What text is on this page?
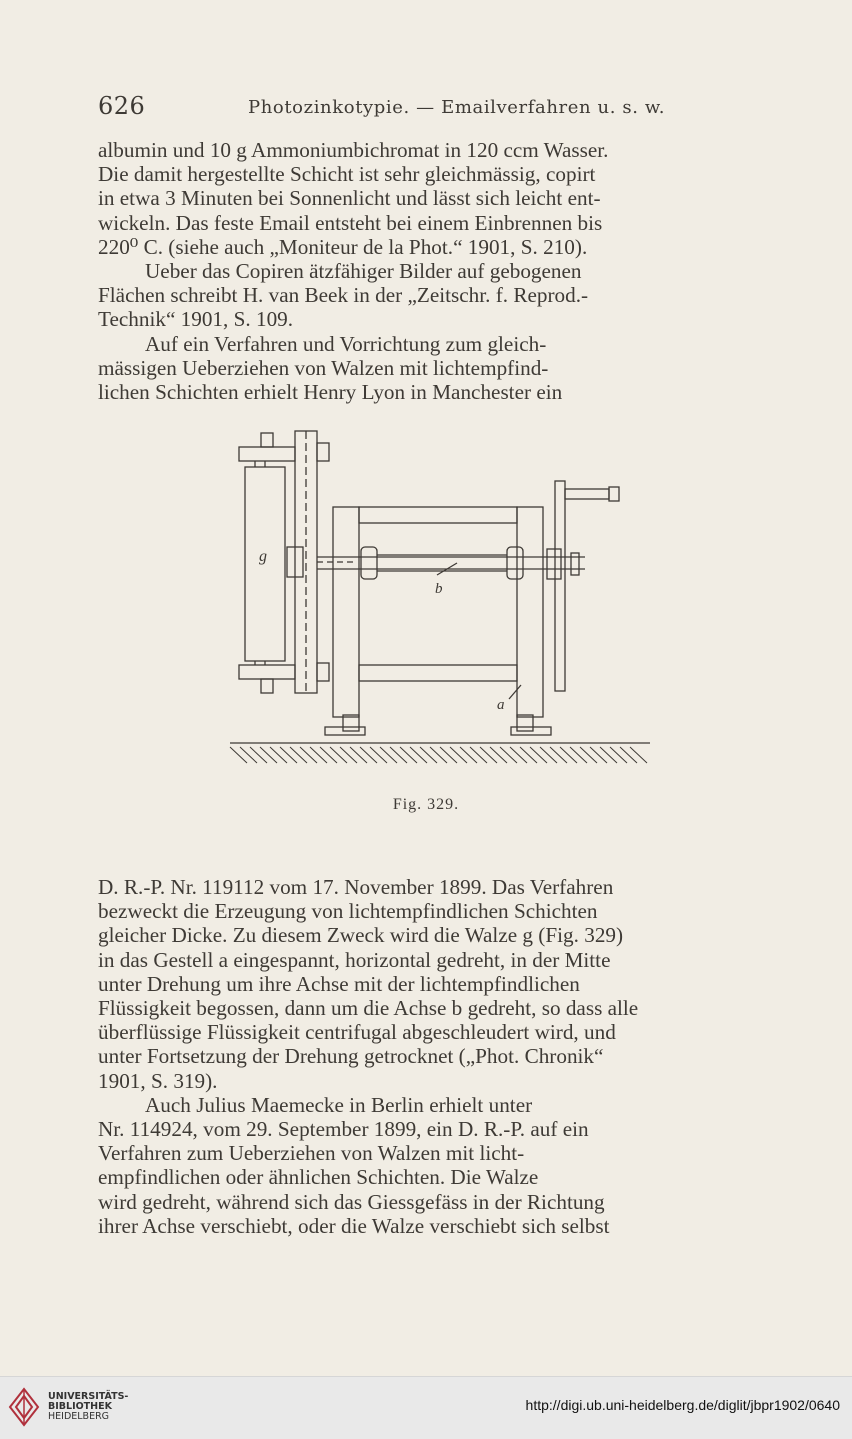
626	Photozinkotypie. — Emailverfahren u. s. w.
albumin und 10 g Ammoniumbichromat in 120 ccm Wasser.
Die damit hergestellte Schicht ist sehr gleichmässig, copirt
in etwa 3 Minuten bei Sonnenlicht und lässt sich leicht ent-
wickeln. Das feste Email entsteht bei einem Einbrennen bis
220⁰ C. (siehe auch „Moniteur de la Phot.“ 1901, S. 210).
Ueber das Copiren ätzfähiger Bilder auf gebogenen
Flächen schreibt H. van Beek in der „Zeitschr. f. Reprod.-
Technik“ 1901, S. 109.
Auf ein Verfahren und Vorrichtung zum gleich-
mässigen Ueberziehen von Walzen mit lichtempfind-
lichen Schichten erhielt Henry Lyon in Manchester ein
g
b
a
Fig. 329.
D. R.-P. Nr. 119112 vom 17. November 1899. Das Verfahren
bezweckt die Erzeugung von lichtempfindlichen Schichten
gleicher Dicke. Zu diesem Zweck wird die Walze g (Fig. 329)
in das Gestell a eingespannt, horizontal gedreht, in der Mitte
unter Drehung um ihre Achse mit der lichtempfindlichen
Flüssigkeit begossen, dann um die Achse b gedreht, so dass alle
überflüssige Flüssigkeit centrifugal abgeschleudert wird, und
unter Fortsetzung der Drehung getrocknet („Phot. Chronik“
1901, S. 319).
Auch Julius Maemecke in Berlin erhielt unter
Nr. 114924, vom 29. September 1899, ein D. R.-P. auf ein
Verfahren zum Ueberziehen von Walzen mit licht-
empfindlichen oder ähnlichen Schichten. Die Walze
wird gedreht, während sich das Giessgefäss in der Richtung
ihrer Achse verschiebt, oder die Walze verschiebt sich selbst
UNIVERSITÄTS-
BIBLIOTHEK
HEIDELBERG
http://digi.ub.uni-heidelberg.de/diglit/jbpr1902/0640
